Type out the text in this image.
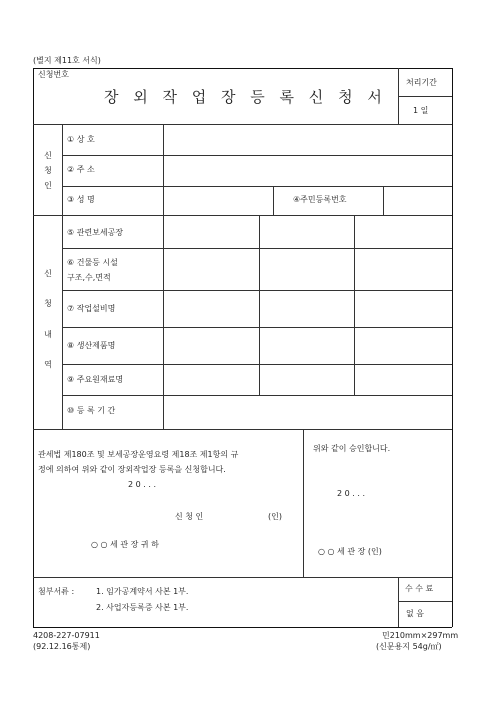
(별지 제11호 서식)
신청번호
장 외 작 업 장 등 록 신 청 서
처리기간
1 일
신
청
인
① 상 호
② 주 소
③ 성 명	④주민등록번호
신
청
내
역
⑤ 관련보세공장
⑥ 건물등 시설
구조,수,면적
⑦ 작업설비명
⑧ 생산제품명
⑨ 주요원재료명
⑩ 등 록 기 간
관세법 제180조 및 보세공장운영요령 제18조 제1항의 규
정에 의하여 위와 같이 장외작업장 등록을 신청합니다.
2 0 . . .
신 청 인	(인)
○ ○ 세 관 장 귀 하
위와 같이 승인합니다.
2 0 . . .
○ ○ 세 관 장 (인)
첨부서류 :	1. 임가공계약서 사본 1부.
2. 사업자등록증 사본 1부.
수 수 료
없 음
4208-227-07911
(92.12.16통제)
민210mm×297mm
(신문용지 54g/㎡)
